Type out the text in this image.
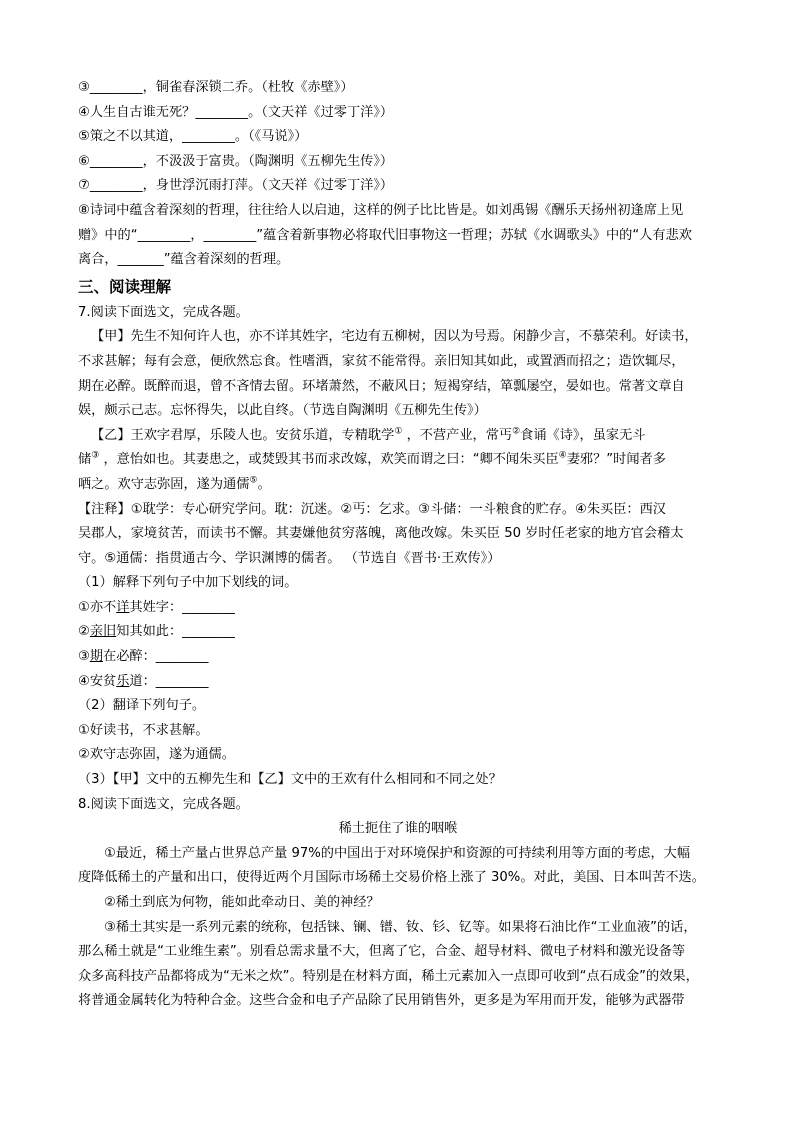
③________，铜雀春深锁二乔。（杜牧《赤壁》）
④人生自古谁无死？________。（文天祥《过零丁洋》）
⑤策之不以其道，________。（《马说》）
⑥________，不汲汲于富贵。（陶渊明《五柳先生传》）
⑦________，身世浮沉雨打萍。（文天祥《过零丁洋》）
⑧诗词中蕴含着深刻的哲理，往往给人以启迪，这样的例子比比皆是。如刘禹锡《酬乐天扬州初逢席上见
赠》中的“________，________”蕴含着新事物必将取代旧事物这一哲理；苏轼《水调歌头》中的“人有悲欢
离合，_______”蕴含着深刻的哲理。
三、阅读理解
7.阅读下面选文，完成各题。
【甲】先生不知何许人也，亦不详其姓字，宅边有五柳树，因以为号焉。闲静少言，不慕荣利。好读书，
不求甚解；每有会意，便欣然忘食。性嗜酒，家贫不能常得。亲旧知其如此，或置酒而招之；造饮辄尽，
期在必醉。既醉而退，曾不吝情去留。环堵萧然，不蔽风日；短褐穿结，箪瓢屡空，晏如也。常著文章自
娱，颇示己志。忘怀得失，以此自终。（节选自陶渊明《五柳先生传》）
【乙】王欢字君厚，乐陵人也。安贫乐道，专精耽学① ，不营产业，常丐②食诵《诗》，虽家无斗
储③ ，意怡如也。其妻患之，或焚毁其书而求改嫁，欢笑而谓之曰：“卿不闻朱买臣④妻邪？”时闻者多
哂之。欢守志弥固，遂为通儒⑤。
【注释】①耽学：专心研究学问。耽：沉迷。②丐：乞求。③斗储：一斗粮食的贮存。④朱买臣：西汉
吴郡人，家境贫苦，而读书不懈。其妻嫌他贫穷落魄，离他改嫁。朱买臣 50 岁时任老家的地方官会稽太
守。⑤通儒：指贯通古今、学识渊博的儒者。 （节选自《晋书·王欢传》）
（1）解释下列句子中加下划线的词。
①亦不详其姓字：________
②亲旧知其如此：________
③期在必醉：________
④安贫乐道：________
（2）翻译下列句子。
①好读书，不求甚解。
②欢守志弥固，遂为通儒。
（3）【甲】文中的五柳先生和【乙】文中的王欢有什么相同和不同之处？
8.阅读下面选文，完成各题。
稀土扼住了谁的咽喉
①最近，稀土产量占世界总产量 97%的中国出于对环境保护和资源的可持续利用等方面的考虑，大幅
度降低稀土的产量和出口，使得近两个月国际市场稀土交易价格上涨了 30%。对此，美国、日本叫苦不迭。
②稀土到底为何物，能如此牵动日、美的神经？
③稀土其实是一系列元素的统称，包括铼、镧、镨、钕、钐、钇等。如果将石油比作“工业血液”的话，
那么稀土就是“工业维生素”。别看总需求量不大，但离了它，合金、超导材料、微电子材料和激光设备等
众多高科技产品都将成为“无米之炊”。特别是在材料方面，稀土元素加入一点即可收到“点石成金”的效果，
将普通金属转化为特种合金。这些合金和电子产品除了民用销售外，更多是为军用而开发，能够为武器带
